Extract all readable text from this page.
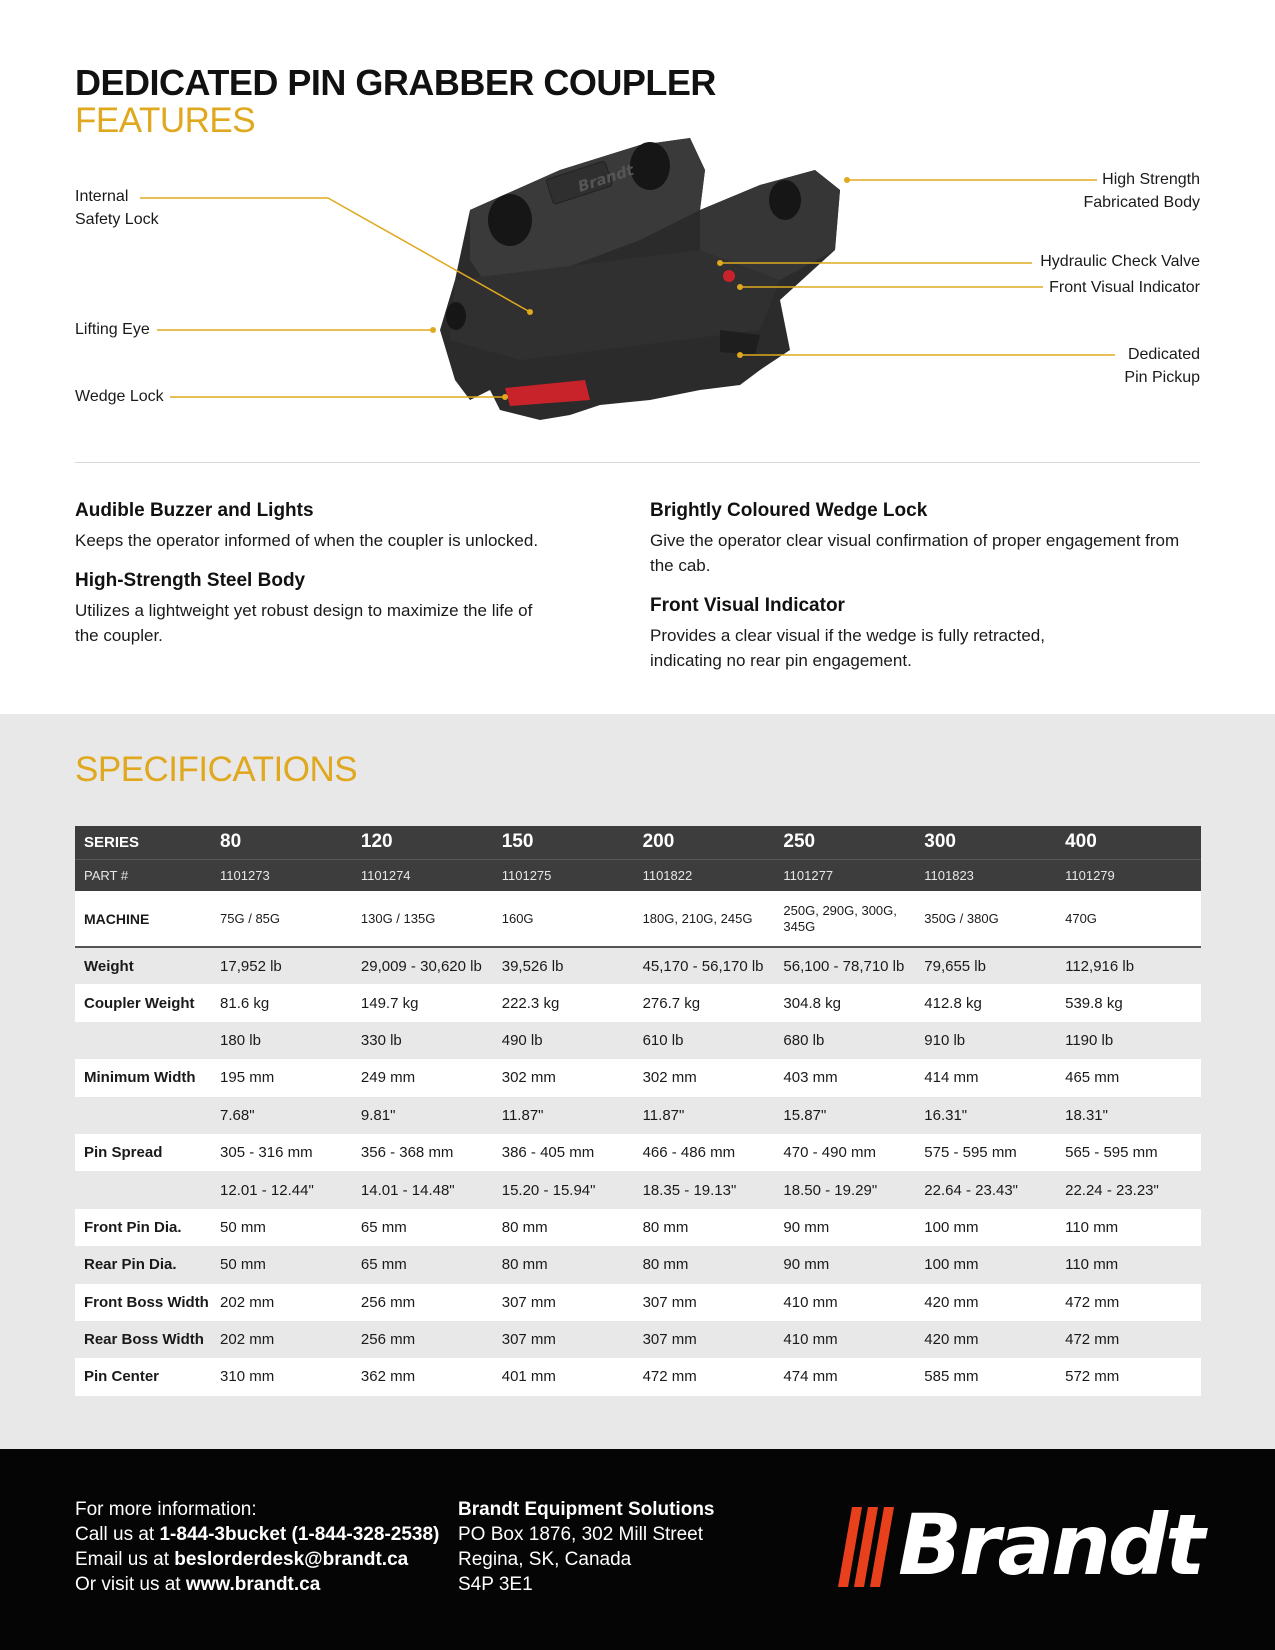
DEDICATED PIN GRABBER COUPLER
FEATURES
Brandt
Internal
Safety Lock
Lifting Eye
Wedge Lock
High Strength
Fabricated Body
Hydraulic Check Valve
Front Visual Indicator
Dedicated
Pin Pickup
Audible Buzzer and Lights

Keeps the operator informed of when the coupler is unlocked.

High-Strength Steel Body

Utilizes a lightweight yet robust design to maximize the life of the coupler.

Brightly Coloured Wedge Lock

Give the operator clear visual confirmation of proper engagement from the cab.

Front Visual Indicator

Provides a clear visual if the wedge is fully retracted, indicating no rear pin engagement.

SPECIFICATIONS
SERIES	80	120	150	200	250	300	400
PART #	1101273	1101274	1101275	1101822	1101277	1101823	1101279
MACHINE	75G / 85G	130G / 135G	160G	180G, 210G, 245G	250G, 290G, 300G, 345G	350G / 380G	470G
Weight	17,952 lb	29,009 - 30,620 lb	39,526 lb	45,170 - 56,170 lb	56,100 - 78,710 lb	79,655 lb	112,916 lb
Coupler Weight	81.6 kg	149.7 kg	222.3 kg	276.7 kg	304.8 kg	412.8 kg	539.8 kg
	180 lb	330 lb	490 lb	610 lb	680 lb	910 lb	1190 lb
Minimum Width	195 mm	249 mm	302 mm	302 mm	403 mm	414 mm	465 mm
	7.68"	9.81"	11.87"	11.87"	15.87"	16.31"	18.31"
Pin Spread	305 - 316 mm	356 - 368 mm	386 - 405 mm	466 - 486 mm	470 - 490 mm	575 - 595 mm	565 - 595 mm
	12.01 - 12.44"	14.01 - 14.48"	15.20 - 15.94"	18.35 - 19.13"	18.50 - 19.29"	22.64 - 23.43"	22.24 - 23.23"
Front Pin Dia.	50 mm	65 mm	80 mm	80 mm	90 mm	100 mm	110 mm
Rear Pin Dia.	50 mm	65 mm	80 mm	80 mm	90 mm	100 mm	110 mm
Front Boss Width	202 mm	256 mm	307 mm	307 mm	410 mm	420 mm	472 mm
Rear Boss Width	202 mm	256 mm	307 mm	307 mm	410 mm	420 mm	472 mm
Pin Center	310 mm	362 mm	401 mm	472 mm	474 mm	585 mm	572 mm
For more information:
Call us at 1-844-3bucket (1-844-328-2538)
Email us at beslorderdesk@brandt.ca
Or visit us at www.brandt.ca
Brandt Equipment Solutions
PO Box 1876, 302 Mill Street
Regina, SK, Canada
S4P 3E1	Brandt
